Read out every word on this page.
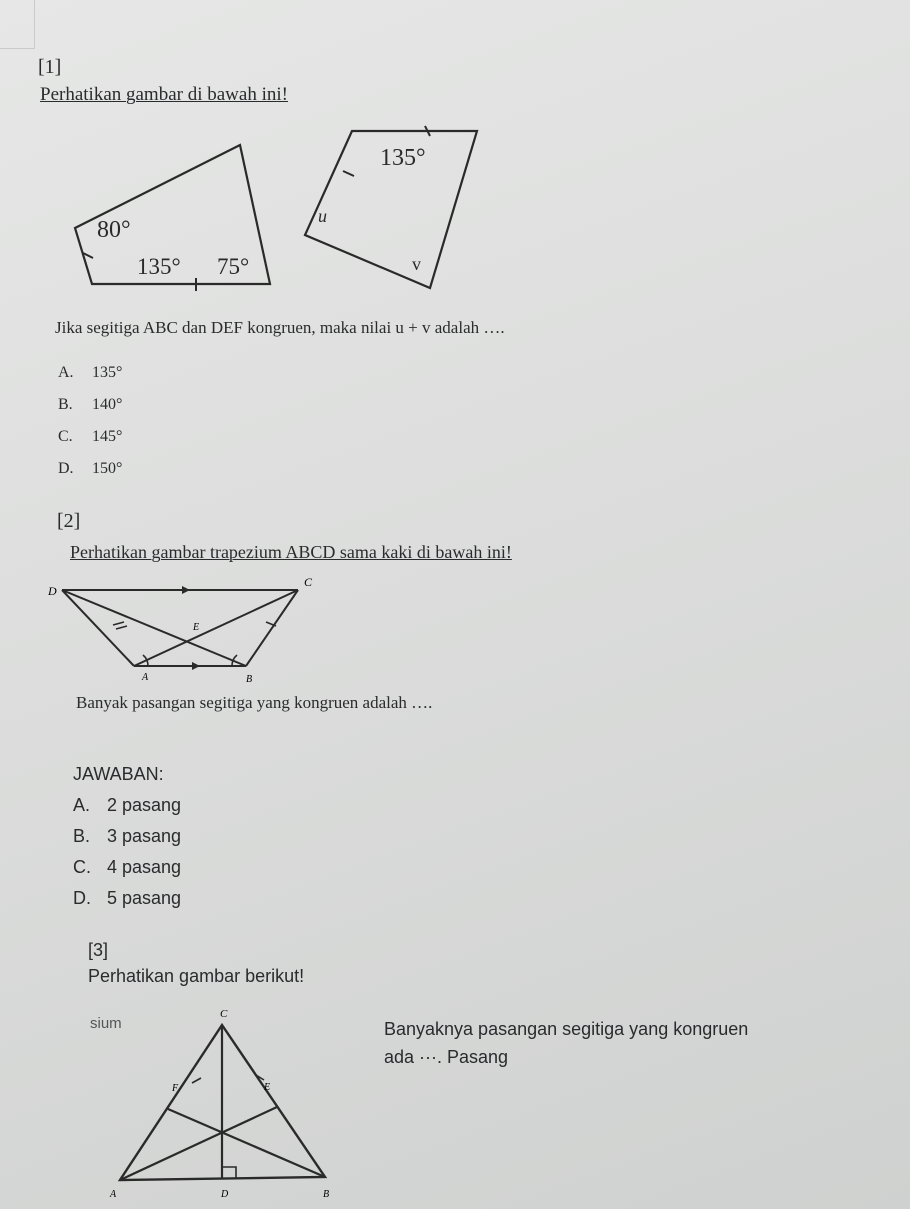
[1]
Perhatikan gambar di bawah ini!
80°
135° 75°
135°
u
v
Jika segitiga ABC dan DEF kongruen, maka nilai u + v adalah ….
A.	135°
B.	140°
C.	145°
D.	150°
[2]
Perhatikan gambar trapezium ABCD sama kaki di bawah ini!
D
C
E
A	B
Banyak pasangan segitiga yang kongruen adalah ….
JAWABAN:
A. 2 pasang
B. 3 pasang
C. 4 pasang
D. 5 pasang
[3]
Perhatikan gambar berikut!
sium
C
F	E
A	D	B
Banyaknya pasangan segitiga yang kongruen
ada ···. Pasang
